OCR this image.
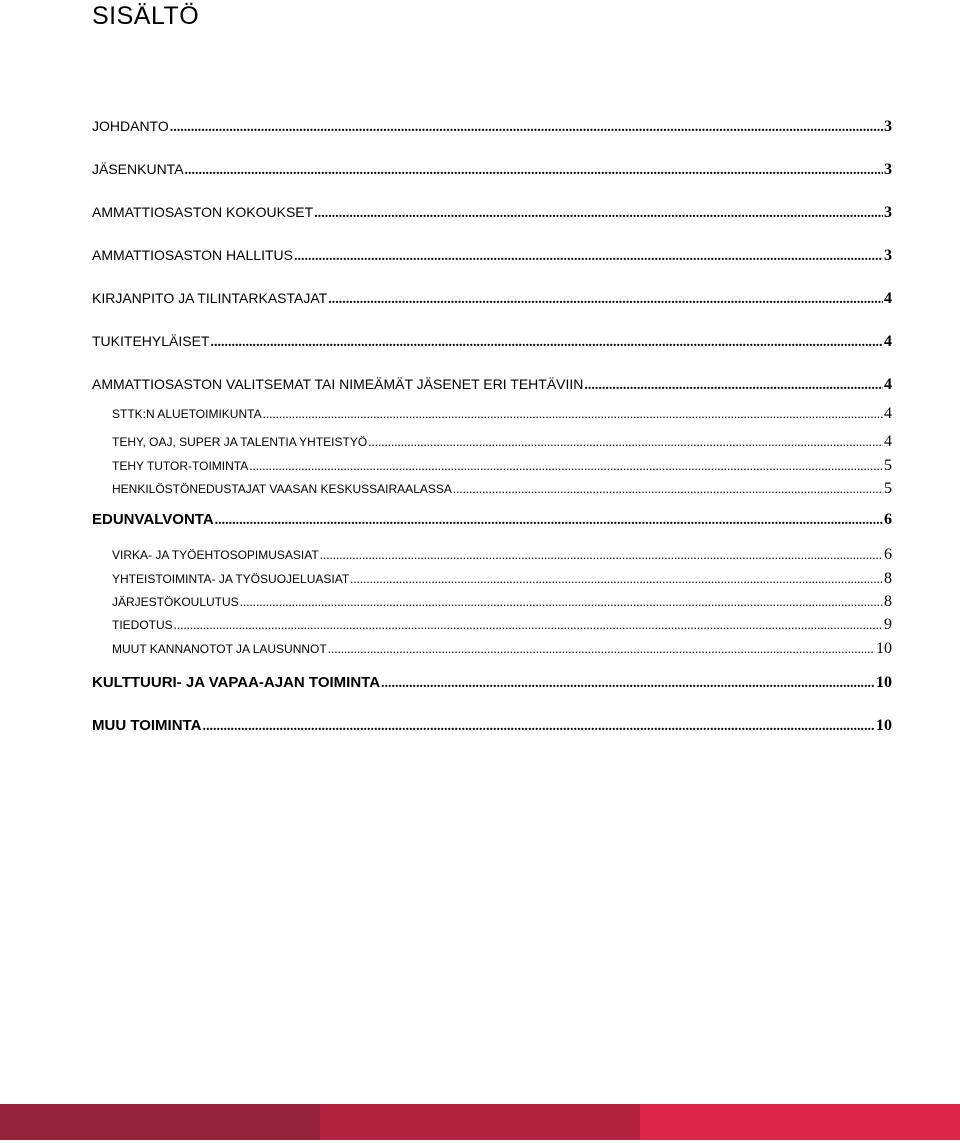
SISÄLTÖ
JOHDANTO .....	3
JÄSENKUNTA .....	3
AMMATTIOSASTON KOKOUKSET .....	3
AMMATTIOSASTON HALLITUS .....	3
KIRJANPITO JA TILINTARKASTAJAT .....	4
TUKITEHYLÄISET .....	4
AMMATTIOSASTON VALITSEMAT TAI NIMEÄMÄT JÄSENET ERI TEHTÄVIIN .....	4
STTK:N ALUETOIMIKUNTA .....	4
TEHY, OAJ, SUPER JA TALENTIA YHTEISTYÖ .....	4
TEHY TUTOR-TOIMINTA .....	5
HENKILÖSTÖNEDUSTAJAT VAASAN KESKUSSAIRAALASSA .....	5
EDUNVALVONTA .....	6
VIRKA- JA TYÖEHTOSOPIMUSASIAT .....	6
YHTEISTOIMINTA- JA TYÖSUOJELUASIAT .....	8
JÄRJESTÖKOULUTUS .....	8
TIEDOTUS .....	9
MUUT KANNANOTOT JA LAUSUNNOT .....	10
KULTTUURI- JA VAPAA-AJAN TOIMINTA .....	10
MUU TOIMINTA .....	10
